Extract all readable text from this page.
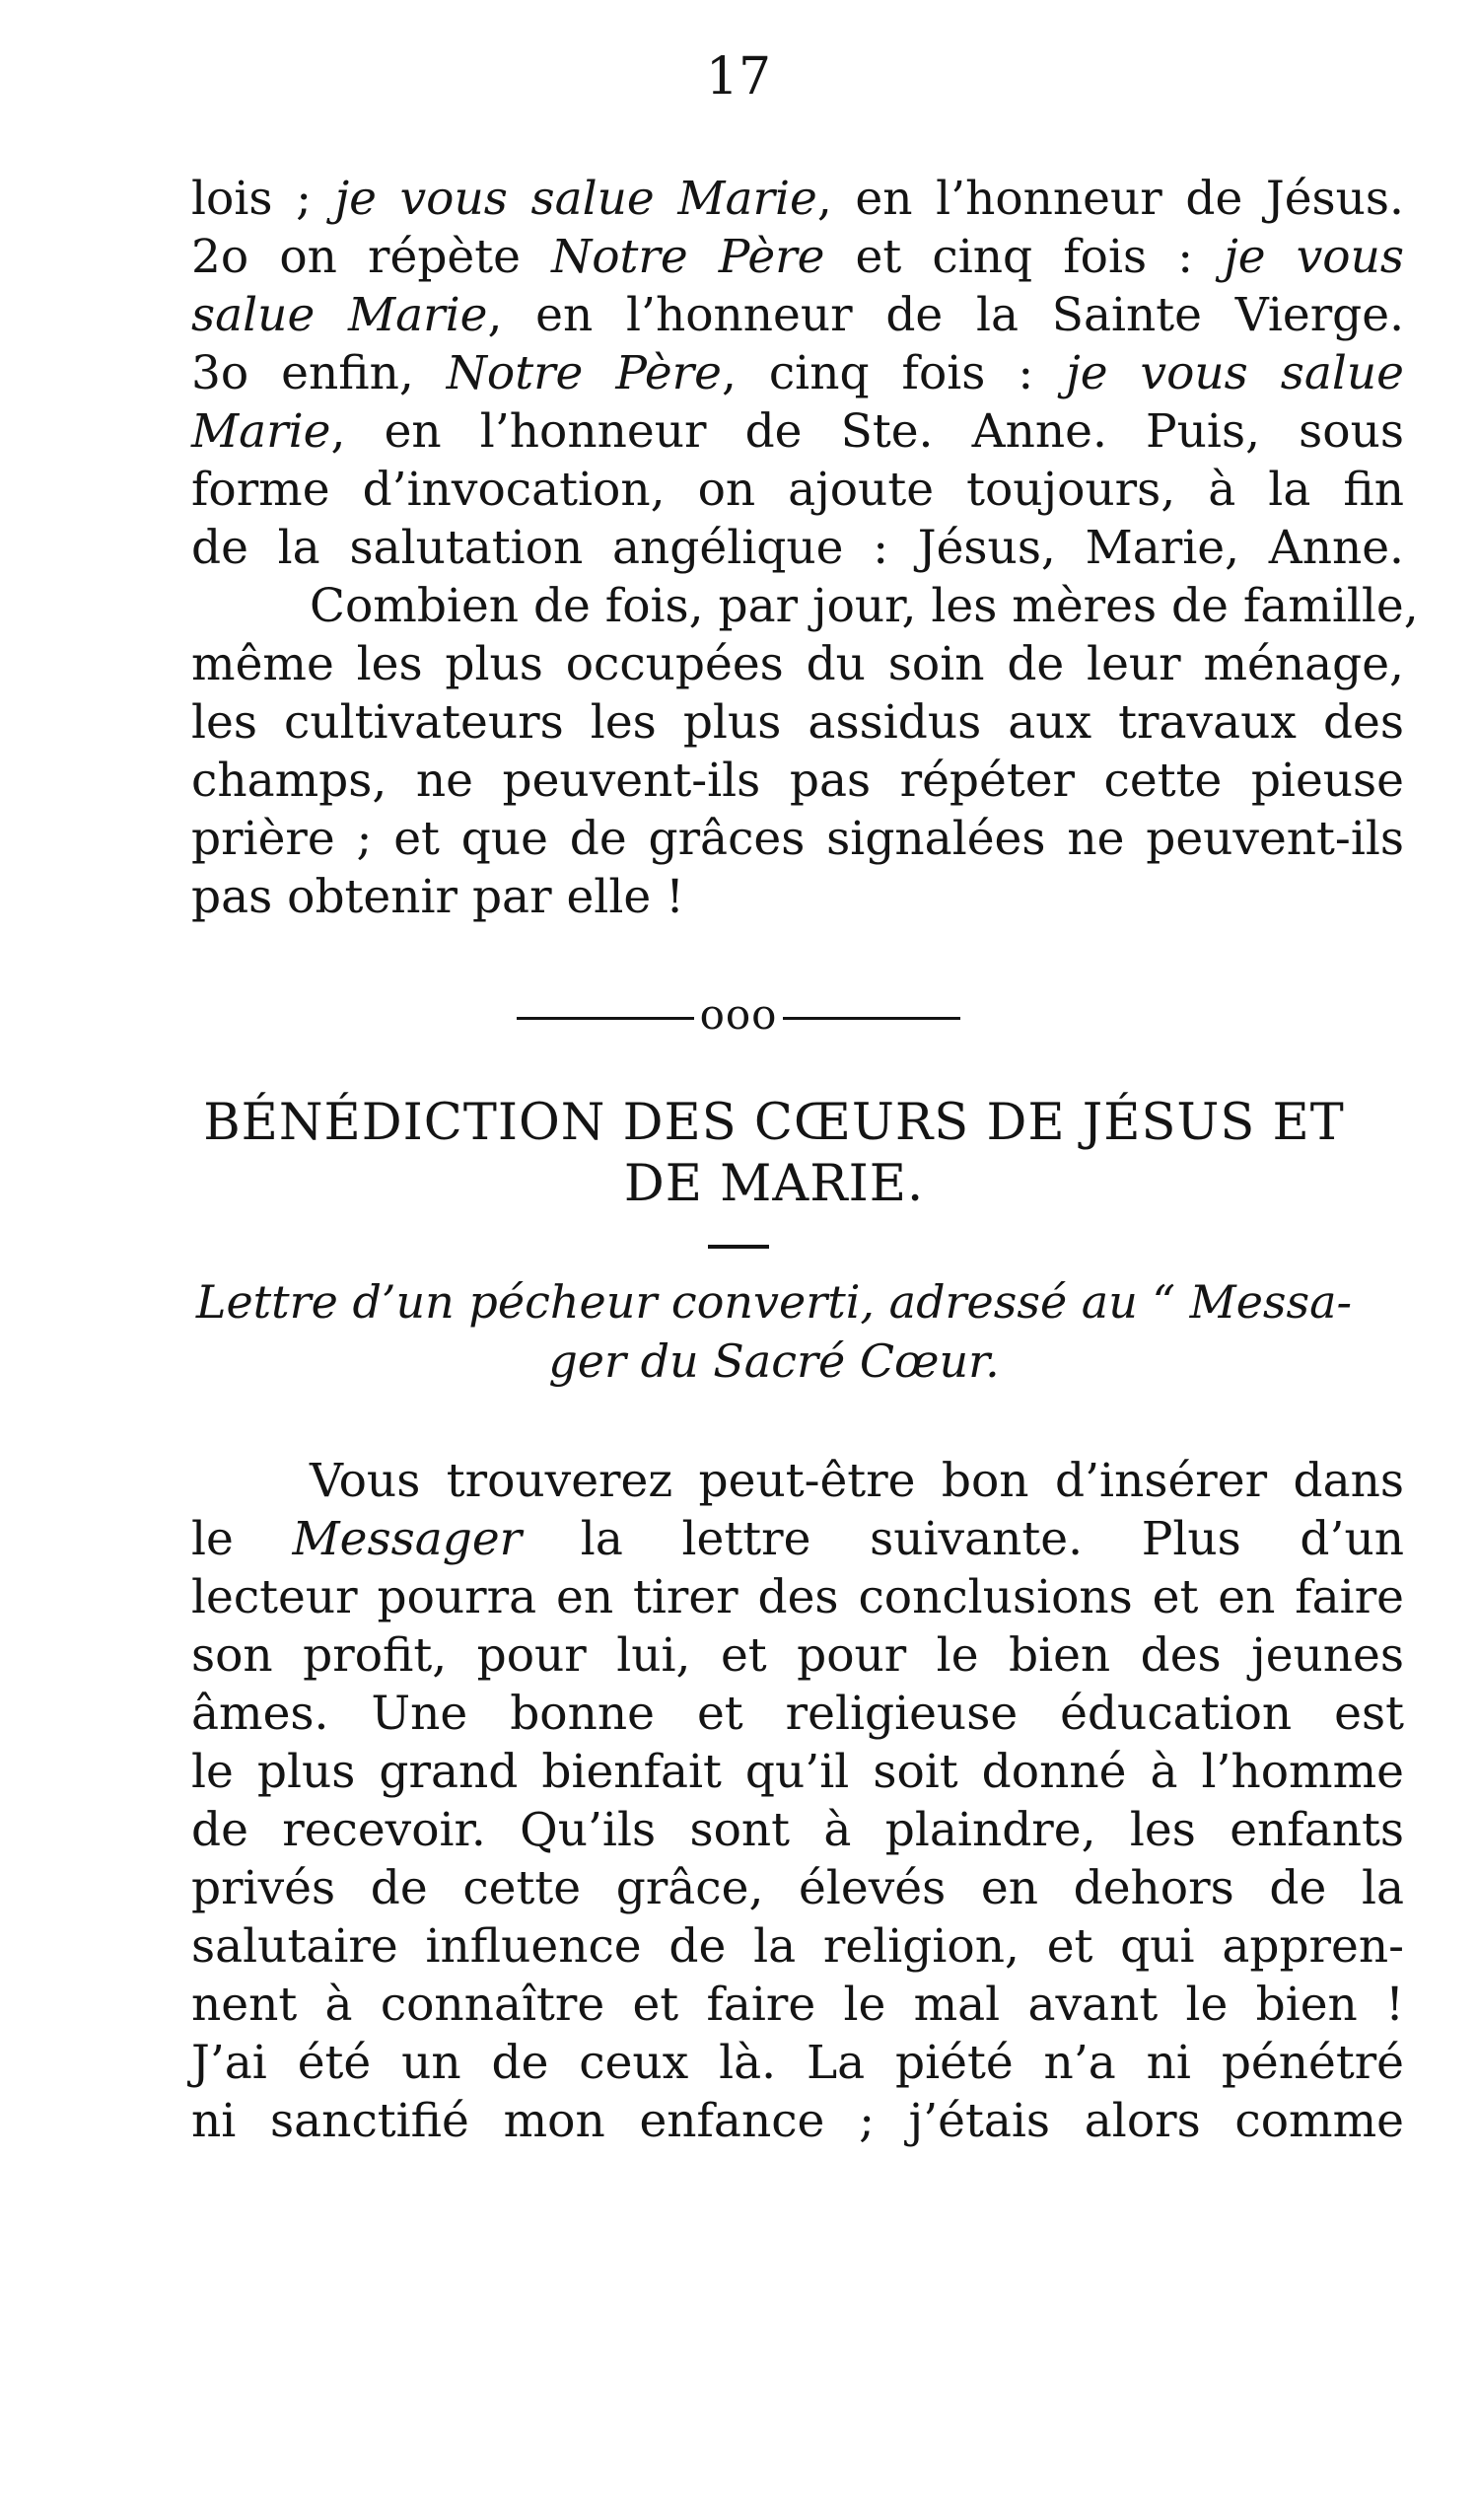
17
lois ; je vous salue Marie, en l’honneur de Jésus.
2o on répète Notre Père et cinq fois : je vous
salue Marie, en l’honneur de la Sainte Vierge.
3o enfin, Notre Père, cinq fois : je vous salue
Marie, en l’honneur de Ste. Anne. Puis, sous
forme d’invocation, on ajoute toujours, à la fin
de la salutation angélique : Jésus, Marie, Anne.
Combien de fois, par jour, les mères de famille,
même les plus occupées du soin de leur ménage,
les cultivateurs les plus assidus aux travaux des
champs, ne peuvent-ils pas répéter cette pieuse
prière ; et que de grâces signalées ne peuvent-ils
pas obtenir par elle !
ooo
BÉNÉDICTION DES CŒURS DE JÉSUS ET
DE MARIE.
Lettre d’un pécheur converti, adressé au “ Messa-
ger du Sacré Cœur.
Vous trouverez peut-être bon d’insérer dans
le Messager la lettre suivante. Plus d’un
lecteur pourra en tirer des conclusions et en faire
son profit, pour lui, et pour le bien des jeunes
âmes. Une bonne et religieuse éducation est
le plus grand bienfait qu’il soit donné à l’homme
de recevoir. Qu’ils sont à plaindre, les enfants
privés de cette grâce, élevés en dehors de la
salutaire influence de la religion, et qui appren-
nent à connaître et faire le mal avant le bien !
J’ai été un de ceux là. La piété n’a ni pénétré
ni sanctifié mon enfance ; j’étais alors comme
